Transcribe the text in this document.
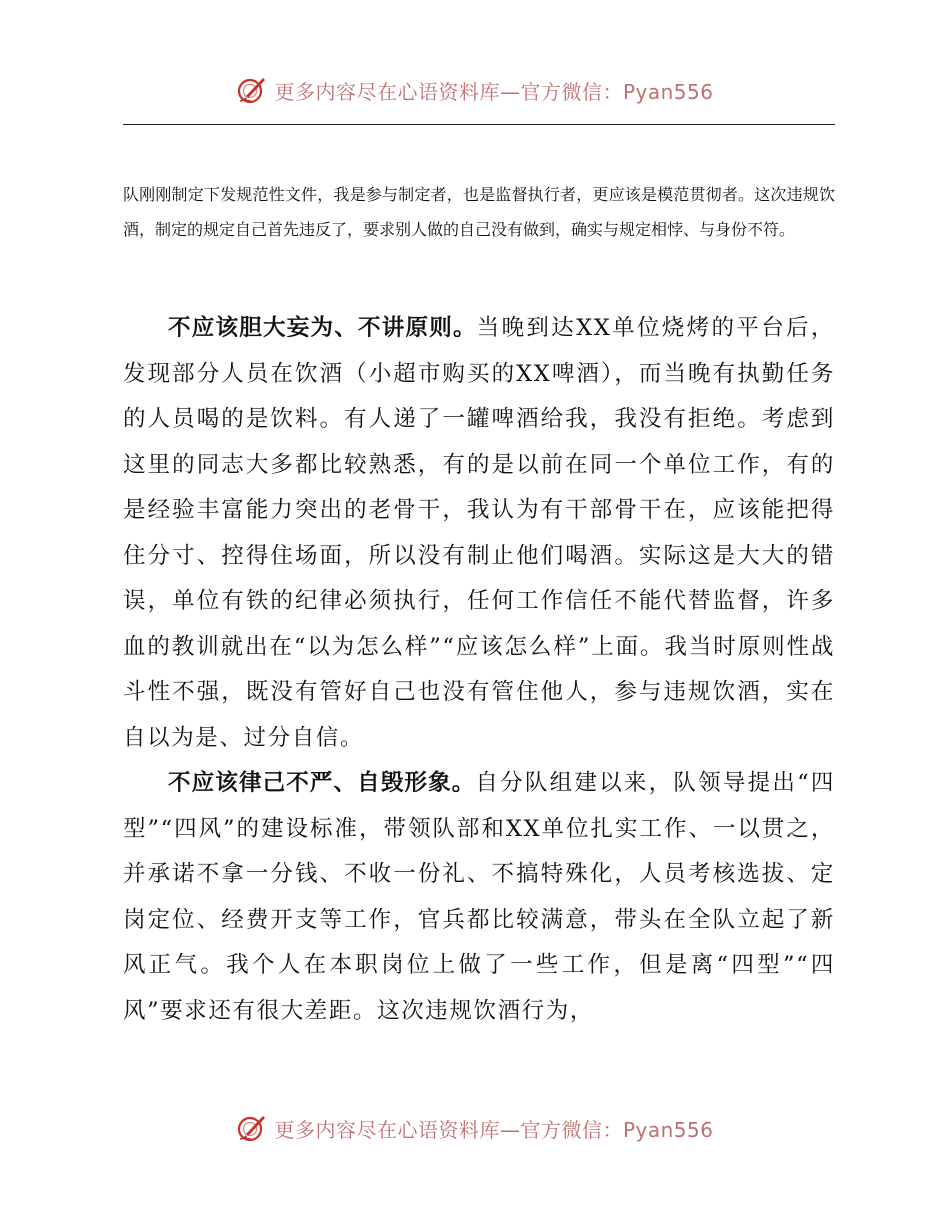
更多内容尽在心语资料库—官方微信：Pyan556

队刚刚制定下发规范性文件，我是参与制定者，也是监督执行者，更应该是模范贯彻者。这次违规饮酒，制定的规定自己首先违反了，要求别人做的自己没有做到，确实与规定相悖、与身份不符。

不应该胆大妄为、不讲原则。当晚到达XX单位烧烤的平台后，发现部分人员在饮酒（小超市购买的XX啤酒），而当晚有执勤任务的人员喝的是饮料。有人递了一罐啤酒给我，我没有拒绝。考虑到这里的同志大多都比较熟悉，有的是以前在同一个单位工作，有的是经验丰富能力突出的老骨干，我认为有干部骨干在，应该能把得住分寸、控得住场面，所以没有制止他们喝酒。实际这是大大的错误，单位有铁的纪律必须执行，任何工作信任不能代替监督，许多血的教训就出在“以为怎么样”“应该怎么样”上面。我当时原则性战斗性不强，既没有管好自己也没有管住他人，参与违规饮酒，实在自以为是、过分自信。

不应该律己不严、自毁形象。自分队组建以来，队领导提出“四型”“四风”的建设标准，带领队部和XX单位扎实工作、一以贯之，并承诺不拿一分钱、不收一份礼、不搞特殊化，人员考核选拔、定岗定位、经费开支等工作，官兵都比较满意，带头在全队立起了新风正气。我个人在本职岗位上做了一些工作，但是离“四型”“四风”要求还有很大差距。这次违规饮酒行为，

更多内容尽在心语资料库—官方微信：Pyan556
